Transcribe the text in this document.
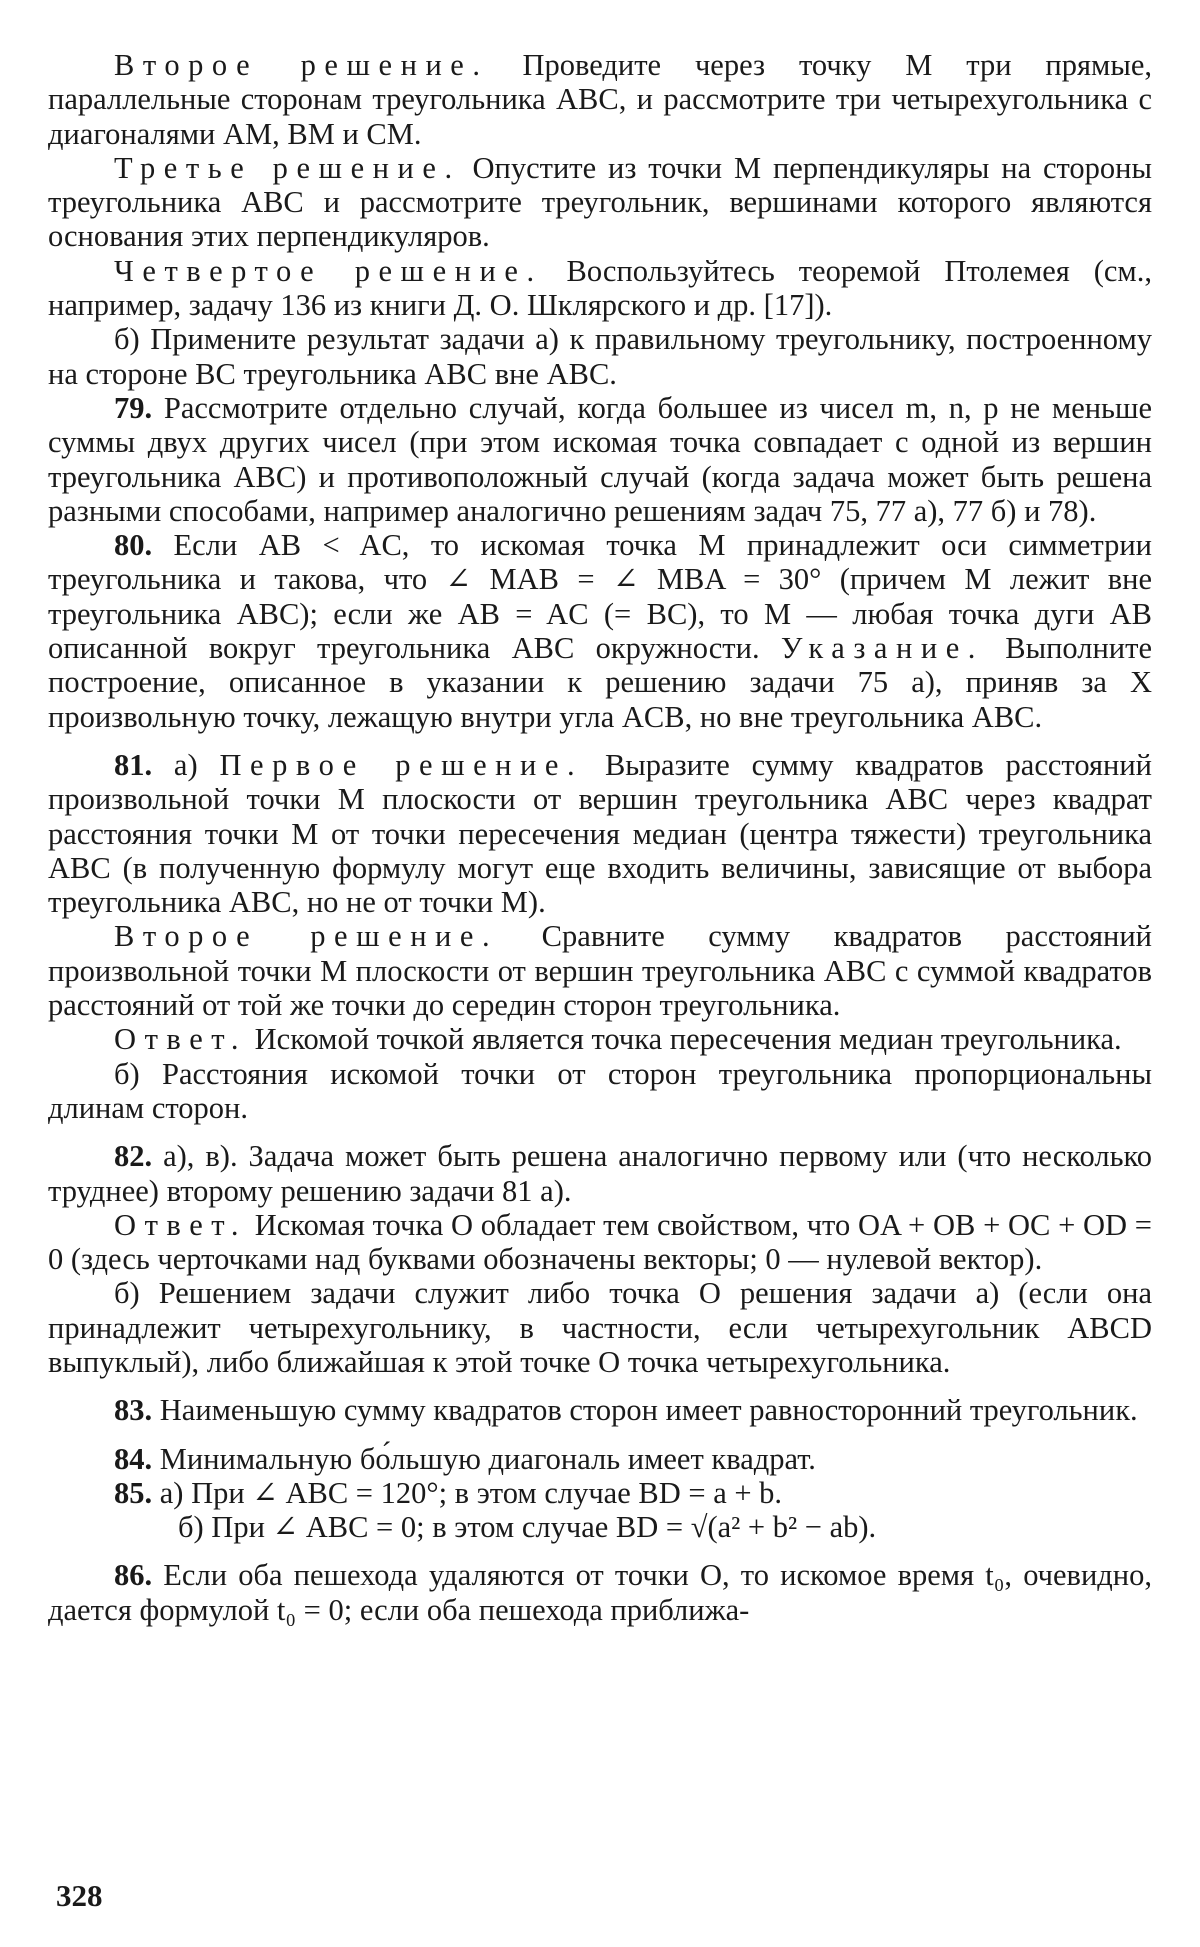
Второе решение. Проведите через точку M три прямые, параллельные сторонам треугольника ABC, и рассмотрите три четырехугольника с диагоналями AM, BM и CM.

Третье решение. Опустите из точки M перпендикуляры на стороны треугольника ABC и рассмотрите треугольник, вершинами которого являются основания этих перпендикуляров.

Четвертое решение. Воспользуйтесь теоремой Птолемея (см., например, задачу 136 из книги Д. О. Шклярского и др. [17]).

б) Примените результат задачи а) к правильному треугольнику, построенному на стороне BC треугольника ABC вне ABC.

79. Рассмотрите отдельно случай, когда большее из чисел m, n, p не меньше суммы двух других чисел (при этом искомая точка совпадает с одной из вершин треугольника ABC) и противоположный случай (когда задача может быть решена разными способами, например аналогично решениям задач 75, 77 а), 77 б) и 78).

80. Если AB < AC, то искомая точка M принадлежит оси симметрии треугольника и такова, что ∠ MAB = ∠ MBA = 30° (причем M лежит вне треугольника ABC); если же AB = AC (= BC), то M — любая точка дуги AB описанной вокруг треугольника ABC окружности. Указание. Выполните построение, описанное в указании к решению задачи 75 а), приняв за X произвольную точку, лежащую внутри угла ACB, но вне треугольника ABC.

81. а) Первое решение. Выразите сумму квадратов расстояний произвольной точки M плоскости от вершин треугольника ABC через квадрат расстояния точки M от точки пересечения медиан (центра тяжести) треугольника ABC (в полученную формулу могут еще входить величины, зависящие от выбора треугольника ABC, но не от точки M).

Второе решение. Сравните сумму квадратов расстояний произвольной точки M плоскости от вершин треугольника ABC с суммой квадратов расстояний от той же точки до середин сторон треугольника.

Ответ. Искомой точкой является точка пересечения медиан треугольника.

б) Расстояния искомой точки от сторон треугольника пропорциональны длинам сторон.

82. а), в). Задача может быть решена аналогично первому или (что несколько труднее) второму решению задачи 81 а).

Ответ. Искомая точка O обладает тем свойством, что OA + OB + OC + OD = 0 (здесь черточками над буквами обозначены векторы; 0 — нулевой вектор).

б) Решением задачи служит либо точка O решения задачи а) (если она принадлежит четырехугольнику, в частности, если четырехугольник ABCD выпуклый), либо ближайшая к этой точке O точка четырехугольника.

83. Наименьшую сумму квадратов сторон имеет равносторонний треугольник.

84. Минимальную бо́льшую диагональ имеет квадрат.

85. а) При ∠ ABC = 120°; в этом случае BD = a + b.

б) При ∠ ABC = 0; в этом случае BD = √(a² + b² − ab).

86. Если оба пешехода удаляются от точки O, то искомое время t₀, очевидно, дается формулой t₀ = 0; если оба пешехода приближа-

328
